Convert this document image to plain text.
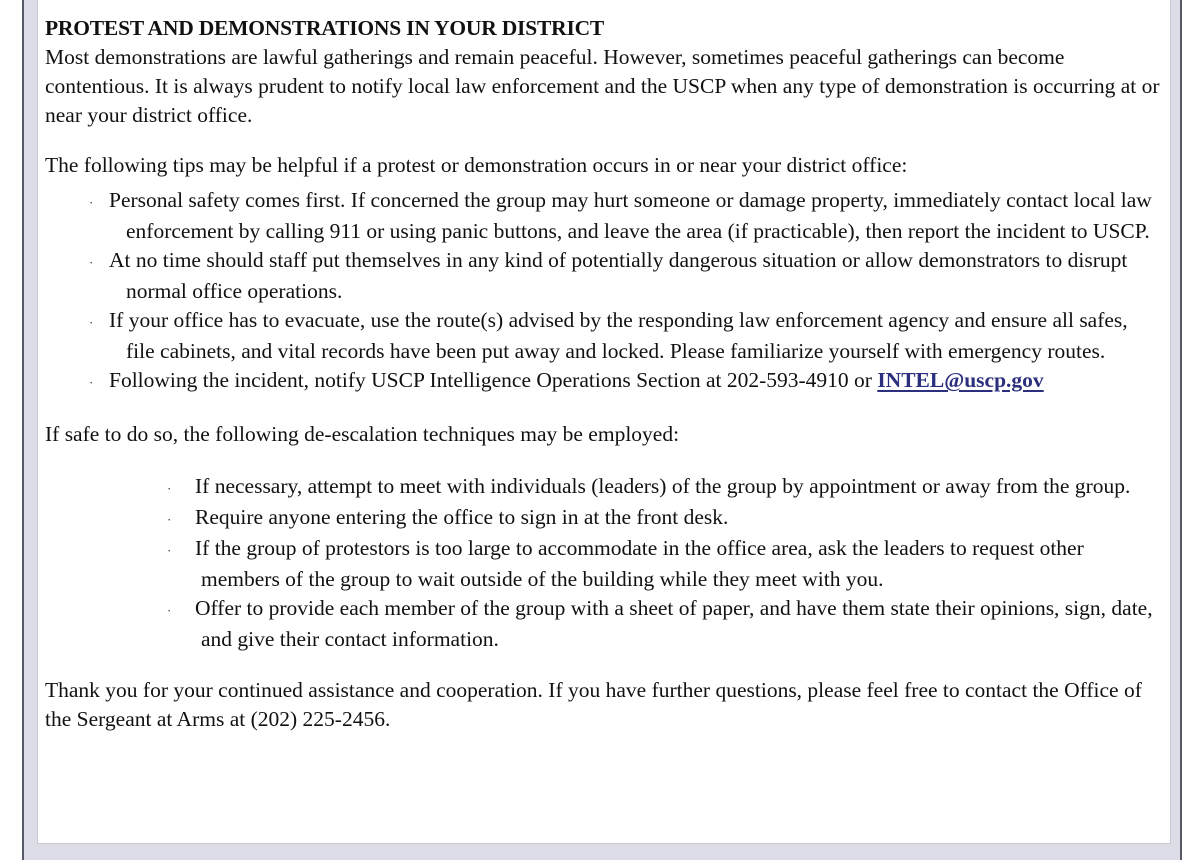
PROTEST AND DEMONSTRATIONS IN YOUR DISTRICT

Most demonstrations are lawful gatherings and remain peaceful. However, sometimes peaceful gatherings can become contentious. It is always prudent to notify local law enforcement and the USCP when any type of demonstration is occurring at or near your district office.

The following tips may be helpful if a protest or demonstration occurs in or near your district office:

· Personal safety comes first. If concerned the group may hurt someone or damage property, immediately contact local law enforcement by calling 911 or using panic buttons, and leave the area (if practicable), then report the incident to USCP.
· At no time should staff put themselves in any kind of potentially dangerous situation or allow demonstrators to disrupt normal office operations.
· If your office has to evacuate, use the route(s) advised by the responding law enforcement agency and ensure all safes, file cabinets, and vital records have been put away and locked. Please familiarize yourself with emergency routes.
· Following the incident, notify USCP Intelligence Operations Section at 202-593-4910 or INTEL@uscp.gov

If safe to do so, the following de-escalation techniques may be employed:

· If necessary, attempt to meet with individuals (leaders) of the group by appointment or away from the group.
· Require anyone entering the office to sign in at the front desk.
· If the group of protestors is too large to accommodate in the office area, ask the leaders to request other members of the group to wait outside of the building while they meet with you.
· Offer to provide each member of the group with a sheet of paper, and have them state their opinions, sign, date, and give their contact information.

Thank you for your continued assistance and cooperation. If you have further questions, please feel free to contact the Office of the Sergeant at Arms at (202) 225-2456.
